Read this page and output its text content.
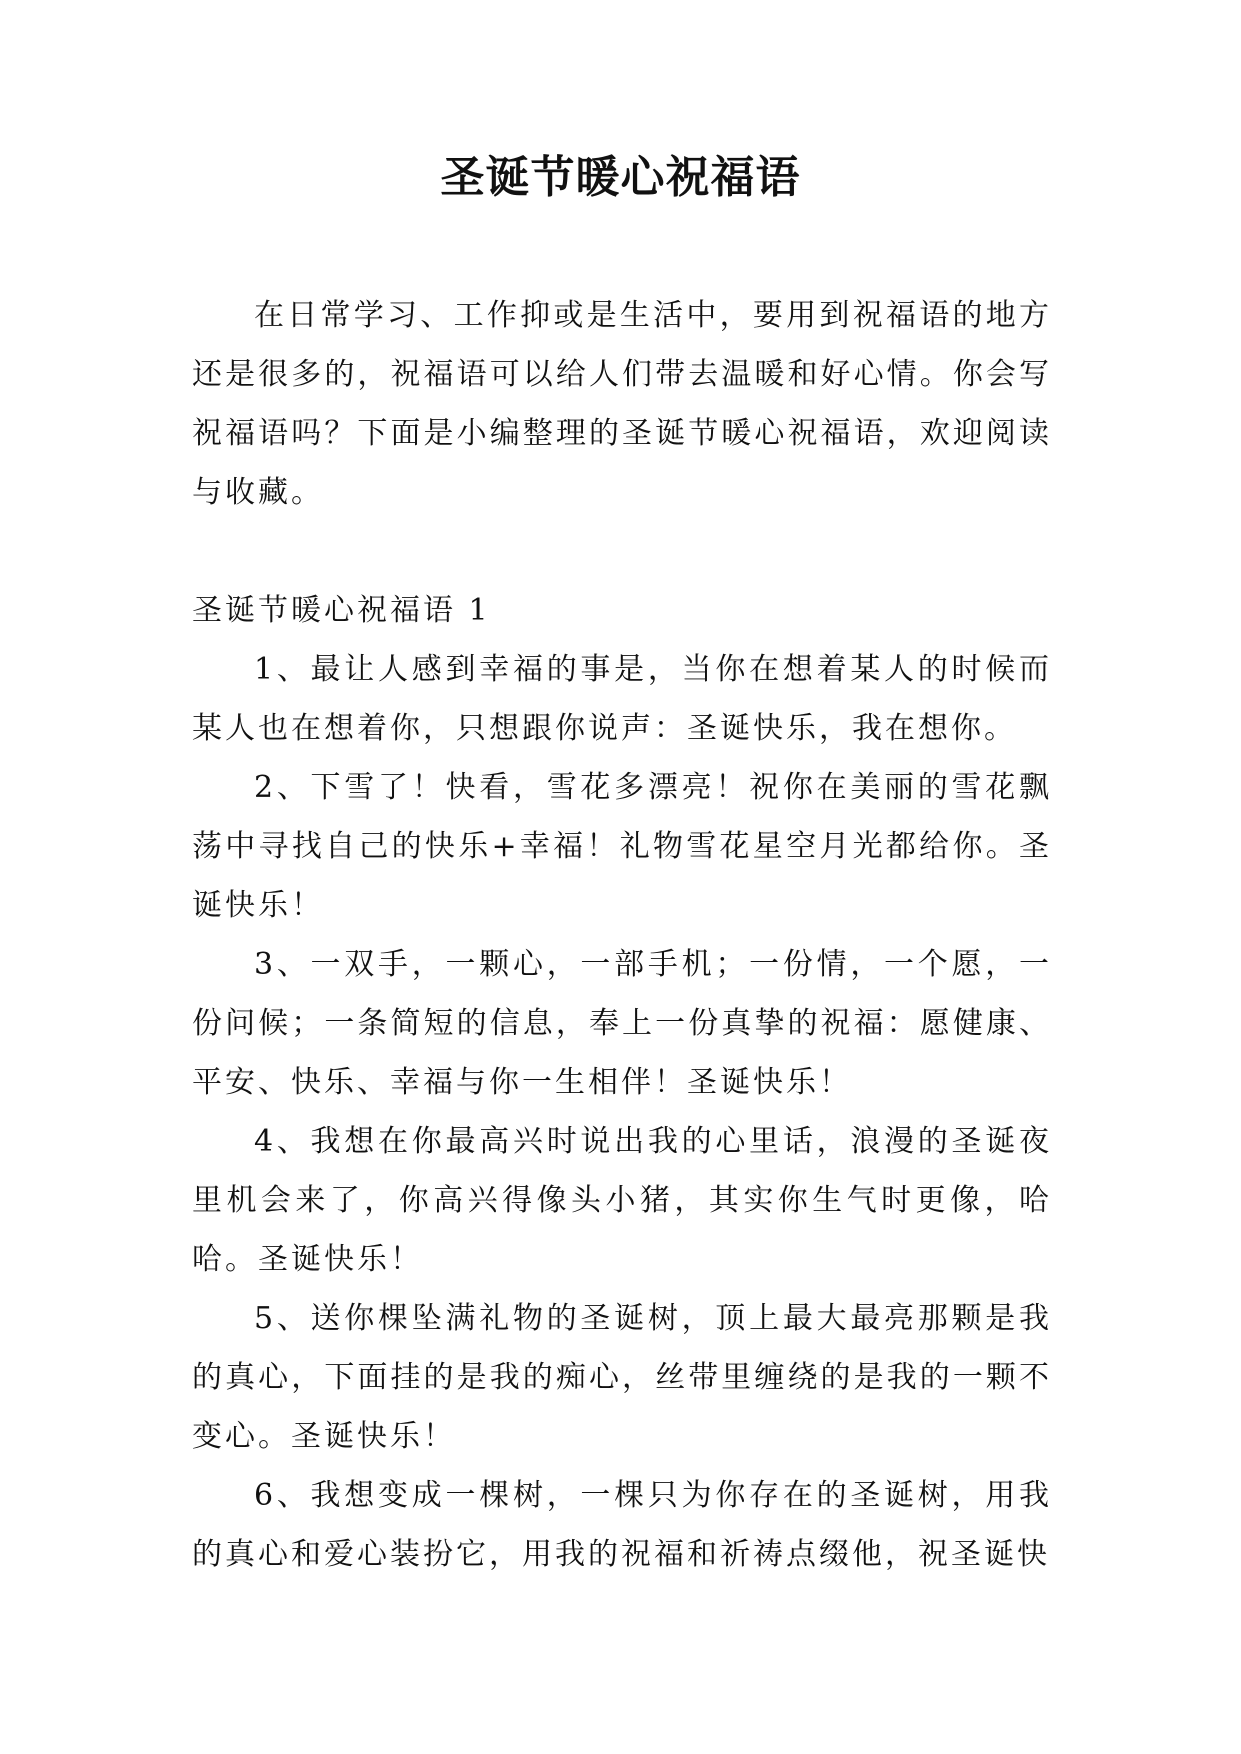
圣诞节暖心祝福语

在日常学习、工作抑或是生活中，要用到祝福语的地方还是很多的，祝福语可以给人们带去温暖和好心情。你会写祝福语吗？下面是小编整理的圣诞节暖心祝福语，欢迎阅读与收藏。

圣诞节暖心祝福语 1

1、最让人感到幸福的事是，当你在想着某人的时候而某人也在想着你，只想跟你说声：圣诞快乐，我在想你。

2、下雪了！快看，雪花多漂亮！祝你在美丽的雪花飘荡中寻找自己的快乐+幸福！礼物雪花星空月光都给你。圣诞快乐！

3、一双手，一颗心，一部手机；一份情，一个愿，一份问候；一条简短的信息，奉上一份真挚的祝福：愿健康、平安、快乐、幸福与你一生相伴！圣诞快乐！

4、我想在你最高兴时说出我的心里话，浪漫的圣诞夜里机会来了，你高兴得像头小猪，其实你生气时更像，哈哈。圣诞快乐！

5、送你棵坠满礼物的圣诞树，顶上最大最亮那颗是我的真心，下面挂的是我的痴心，丝带里缠绕的是我的一颗不变心。圣诞快乐！

6、我想变成一棵树，一棵只为你存在的圣诞树，用我的真心和爱心装扮它，用我的祝福和祈祷点缀他，祝圣诞快
